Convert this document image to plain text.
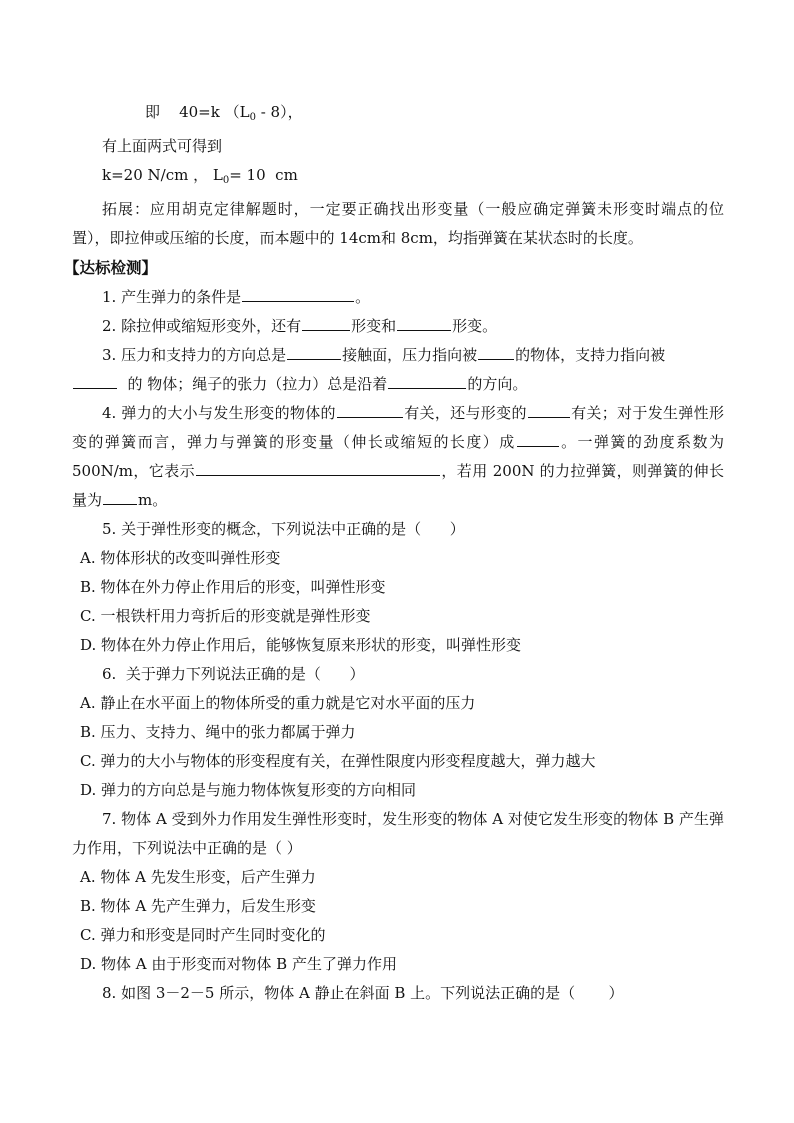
即 40=k $(L_0 - 8)$，
有上面两式可得到
k=20 N/cm ， $L_0= 10$  cm
拓展：应用胡克定律解题时，一定要正确找出形变量（一般应确定弹簧未形变时端点的位置），即拉伸或压缩的长度，而本题中的 14cm和 8cm，均指弹簧在某状态时的长度。
【达标检测】
1. 产生弹力的条件是	。
2. 除拉伸或缩短形变外，还有	形变和	形变。
3. 压力和支持力的方向总是	接触面，压力指向被	的物体，支持力指向被
的 物体；绳子的张力（拉力）总是沿着	的方向。
4. 弹力的大小与发生形变的物体的	有关，还与形变的	有关；对于发生弹性形变的弹簧而言，弹力与弹簧的形变量（伸长或缩短的长度）成	。一弹簧的劲度系数为 500N/m，它表示	，若用 200N 的力拉弹簧，则弹簧的伸长量为 m。
5. 关于弹性形变的概念，下列说法中正确的是（      ）
A. 物体形状的改变叫弹性形变
B. 物体在外力停止作用后的形变，叫弹性形变
C. 一根铁杆用力弯折后的形变就是弹性形变
D. 物体在外力停止作用后，能够恢复原来形状的形变，叫弹性形变
6.  关于弹力下列说法正确的是（      ）
A. 静止在水平面上的物体所受的重力就是它对水平面的压力
B. 压力、支持力、绳中的张力都属于弹力
C. 弹力的大小与物体的形变程度有关，在弹性限度内形变程度越大，弹力越大
D. 弹力的方向总是与施力物体恢复形变的方向相同
7. 物体 A 受到外力作用发生弹性形变时，发生形变的物体 A 对使它发生形变的物体 B 产生弹力作用，下列说法中正确的是（ ）
A. 物体 A 先发生形变，后产生弹力
B. 物体 A 先产生弹力，后发生形变
C. 弹力和形变是同时产生同时变化的
D. 物体 A 由于形变而对物体 B 产生了弹力作用
8. 如图 3－2－5 所示，物体 A 静止在斜面 B 上。下列说法正确的是（       ）
